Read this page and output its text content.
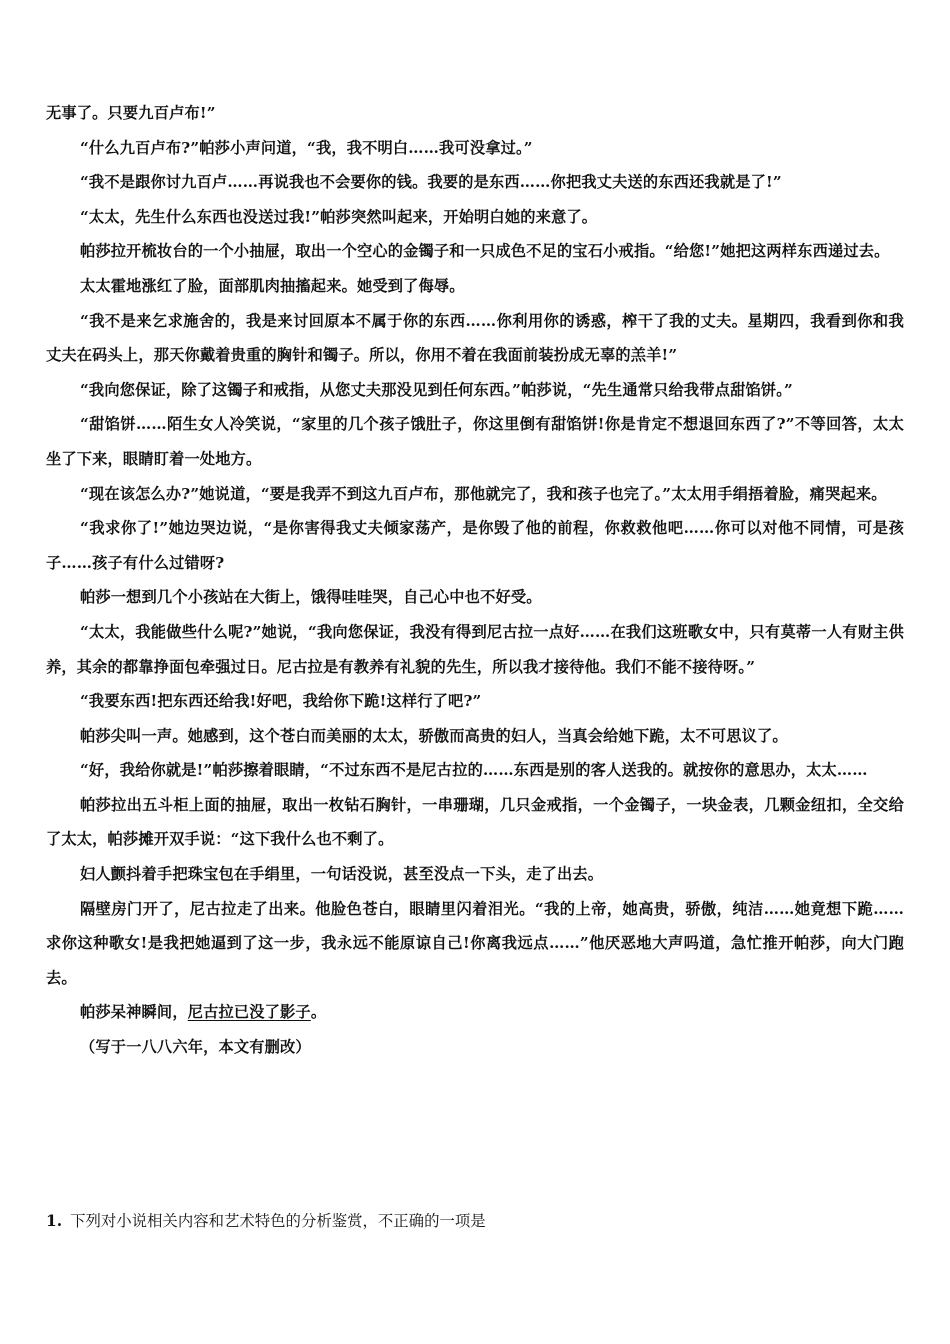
无事了。只要九百卢布!”

“什么九百卢布?”帕莎小声问道，“我，我不明白……我可没拿过。”

“我不是跟你讨九百卢……再说我也不会要你的钱。我要的是东西……你把我丈夫送的东西还我就是了!”

“太太，先生什么东西也没送过我!”帕莎突然叫起来，开始明白她的来意了。

帕莎拉开梳妆台的一个小抽屉，取出一个空心的金镯子和一只成色不足的宝石小戒指。“给您!”她把这两样东西递过去。

太太霍地涨红了脸，面部肌肉抽搐起来。她受到了侮辱。

“我不是来乞求施舍的，我是来讨回原本不属于你的东西……你利用你的诱惑，榨干了我的丈夫。星期四，我看到你和我丈夫在码头上，那天你戴着贵重的胸针和镯子。所以，你用不着在我面前装扮成无辜的羔羊!”

“我向您保证，除了这镯子和戒指，从您丈夫那没见到任何东西。”帕莎说，“先生通常只给我带点甜馅饼。”

“甜馅饼……陌生女人冷笑说，“家里的几个孩子饿肚子，你这里倒有甜馅饼!你是肯定不想退回东西了?”不等回答，太太坐了下来，眼睛盯着一处地方。

“现在该怎么办?”她说道，“要是我弄不到这九百卢布，那他就完了，我和孩子也完了。”太太用手绢捂着脸，痛哭起来。

“我求你了!”她边哭边说，“是你害得我丈夫倾家荡产，是你毁了他的前程，你救救他吧……你可以对他不同情，可是孩子……孩子有什么过错呀?

帕莎一想到几个小孩站在大街上，饿得哇哇哭，自己心中也不好受。

“太太，我能做些什么呢?”她说，“我向您保证，我没有得到尼古拉一点好……在我们这班歌女中，只有莫蒂一人有财主供养，其余的都靠挣面包牵强过日。尼古拉是有教养有礼貌的先生，所以我才接待他。我们不能不接待呀。”

“我要东西!把东西还给我!好吧，我给你下跪!这样行了吧?”

帕莎尖叫一声。她感到，这个苍白而美丽的太太，骄傲而高贵的妇人，当真会给她下跪，太不可思议了。

“好，我给你就是!”帕莎擦着眼睛，“不过东西不是尼古拉的……东西是别的客人送我的。就按你的意思办，太太……

帕莎拉出五斗柜上面的抽屉，取出一枚钻石胸针，一串珊瑚，几只金戒指，一个金镯子，一块金表，几颗金纽扣，全交给了太太，帕莎摊开双手说：“这下我什么也不剩了。

妇人颤抖着手把珠宝包在手绢里，一句话没说，甚至没点一下头，走了出去。

隔壁房门开了，尼古拉走了出来。他脸色苍白，眼睛里闪着泪光。“我的上帝，她高贵，骄傲，纯洁……她竟想下跪……求你这种歌女!是我把她逼到了这一步，我永远不能原谅自己!你离我远点……”他厌恶地大声吗道，急忙推开帕莎，向大门跑去。

帕莎呆神瞬间，尼古拉已没了影子。

（写于一八八六年，本文有删改）

1. 下列对小说相关内容和艺术特色的分析鉴赏，不正确的一项是
